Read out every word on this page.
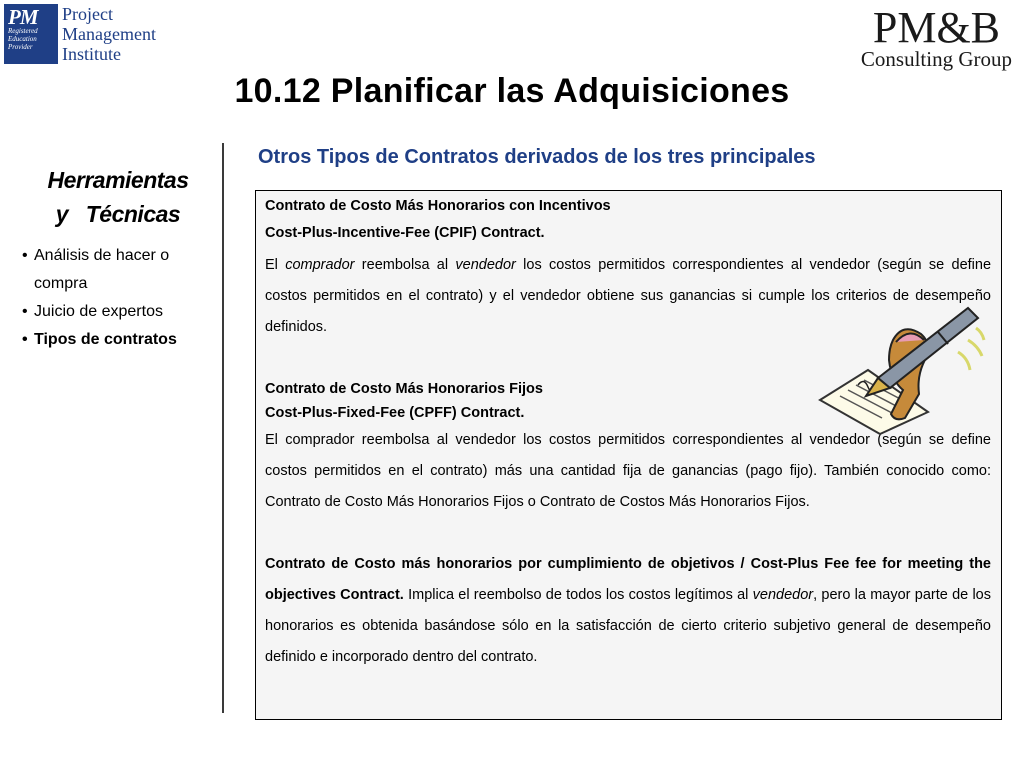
PM
Registered
Education
Provider
Project
Management
Institute
PM&B
Consulting Group
10.12 Planificar las Adquisiciones
Herramientas
y   Técnicas
• Análisis de hacer o compra
• Juicio de expertos
• Tipos de contratos
Otros Tipos de Contratos derivados de los tres principales

Contrato de Costo Más Honorarios con Incentivos

Cost-Plus-Incentive-Fee (CPIF) Contract.

El comprador reembolsa al vendedor los costos permitidos correspondientes al vendedor (según se define costos permitidos en el contrato) y el vendedor obtiene sus ganancias si cumple los criterios de desempeño definidos.

Contrato de Costo Más Honorarios Fijos

Cost-Plus-Fixed-Fee (CPFF) Contract.

El comprador reembolsa al vendedor los costos permitidos correspondientes al vendedor (según se define costos permitidos en el contrato) más una cantidad fija de ganancias (pago fijo). También conocido como: Contrato de Costo Más Honorarios Fijos o Contrato de Costos Más Honorarios Fijos.

Contrato de Costo más honorarios por cumplimiento de objetivos / Cost-Plus Fee fee for meeting the objectives Contract. Implica el reembolso de todos los costos legítimos al vendedor, pero la mayor parte de los honorarios es obtenida basándose sólo en la satisfacción de cierto criterio subjetivo general de desempeño definido e incorporado dentro del contrato.
